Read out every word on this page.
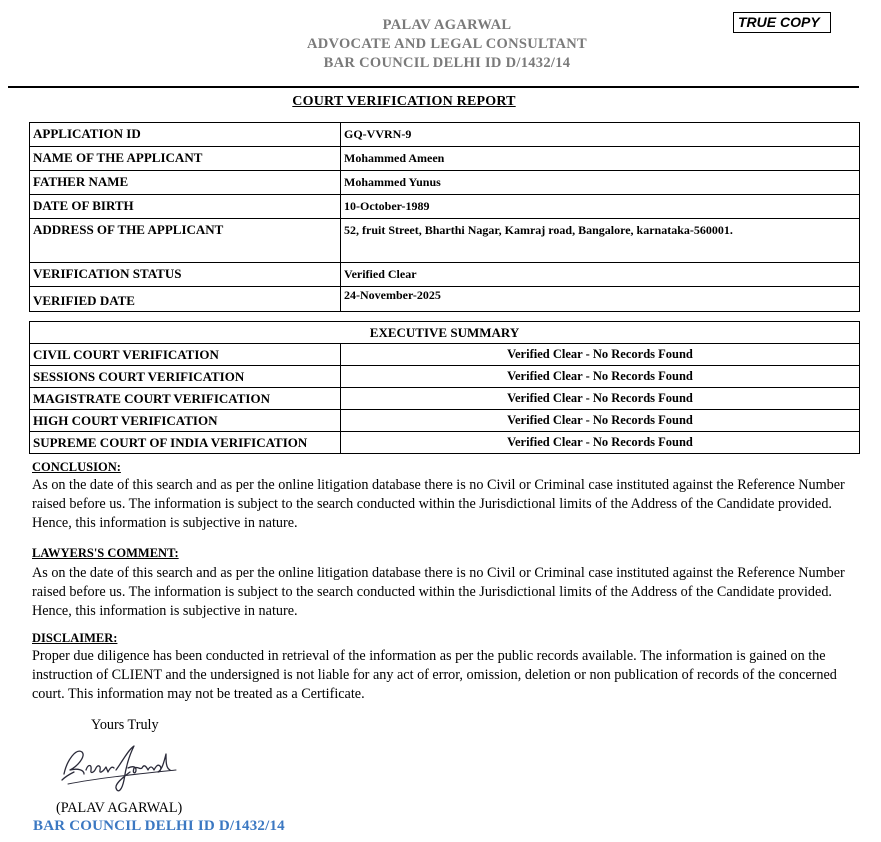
PALAV AGARWAL
ADVOCATE AND LEGAL CONSULTANT
BAR COUNCIL DELHI ID D/1432/14
TRUE COPY
COURT VERIFICATION REPORT
APPLICATION ID	GQ-VVRN-9
NAME OF THE APPLICANT	Mohammed Ameen
FATHER NAME	Mohammed Yunus
DATE OF BIRTH	10-October-1989
ADDRESS OF THE APPLICANT	52, fruit Street, Bharthi Nagar, Kamraj road, Bangalore, karnataka-560001.
VERIFICATION STATUS	Verified Clear
VERIFIED DATE	24-November-2025
EXECUTIVE SUMMARY	
CIVIL COURT VERIFICATION	Verified Clear - No Records Found
SESSIONS COURT VERIFICATION	Verified Clear - No Records Found
MAGISTRATE COURT VERIFICATION	Verified Clear - No Records Found
HIGH COURT VERIFICATION	Verified Clear - No Records Found
SUPREME COURT OF INDIA VERIFICATION	Verified Clear - No Records Found
CONCLUSION:
As on the date of this search and as per the online litigation database there is no Civil or Criminal case instituted against the Reference Number raised before us. The information is subject to the search conducted within the Jurisdictional limits of the Address of the Candidate provided. Hence, this information is subjective in nature.
LAWYERS'S COMMENT:
As on the date of this search and as per the online litigation database there is no Civil or Criminal case instituted against the Reference Number raised before us. The information is subject to the search conducted within the Jurisdictional limits of the Address of the Candidate provided. Hence, this information is subjective in nature.
DISCLAIMER:
Proper due diligence has been conducted in retrieval of the information as per the public records available. The information is gained on the instruction of CLIENT and the undersigned is not liable for any act of error, omission, deletion or non publication of records of the concerned court. This information may not be treated as a Certificate.
Yours Truly
(PALAV AGARWAL)
BAR COUNCIL DELHI ID D/1432/14
